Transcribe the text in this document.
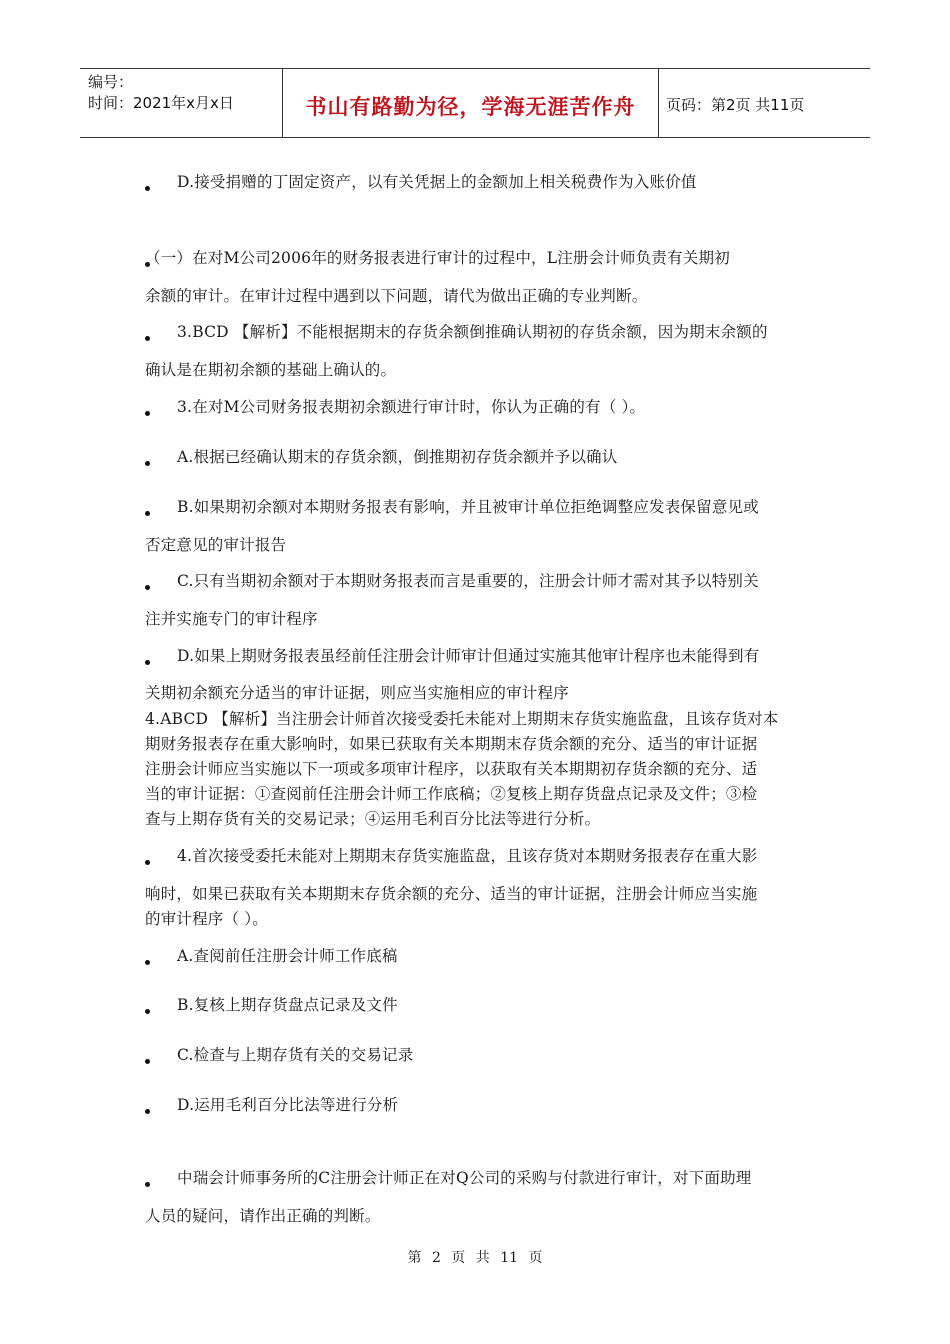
编号：
时间：2021年x月x日	书山有路勤为径，学海无涯苦作舟	页码：第2页 共11页
D.接受捐赠的丁固定资产，以有关凭据上的金额加上相关税费作为入账价值
（一）在对M公司2006年的财务报表进行审计的过程中，L注册会计师负责有关期初
余额的审计。在审计过程中遇到以下问题，请代为做出正确的专业判断。
3.BCD 【解析】不能根据期末的存货余额倒推确认期初的存货余额，因为期末余额的
确认是在期初余额的基础上确认的。
3.在对M公司财务报表期初余额进行审计时，你认为正确的有（ ）。
A.根据已经确认期末的存货余额，倒推期初存货余额并予以确认
B.如果期初余额对本期财务报表有影响，并且被审计单位拒绝调整应发表保留意见或
否定意见的审计报告
C.只有当期初余额对于本期财务报表而言是重要的，注册会计师才需对其予以特别关
注并实施专门的审计程序
D.如果上期财务报表虽经前任注册会计师审计但通过实施其他审计程序也未能得到有
关期初余额充分适当的审计证据，则应当实施相应的审计程序
4.ABCD 【解析】当注册会计师首次接受委托未能对上期期末存货实施监盘，且该存货对本
期财务报表存在重大影响时，如果已获取有关本期期末存货余额的充分、适当的审计证据
注册会计师应当实施以下一项或多项审计程序，以获取有关本期期初存货余额的充分、适
当的审计证据：①查阅前任注册会计师工作底稿；②复核上期存货盘点记录及文件；③检
查与上期存货有关的交易记录；④运用毛利百分比法等进行分析。
4.首次接受委托未能对上期期末存货实施监盘，且该存货对本期财务报表存在重大影
响时，如果已获取有关本期期末存货余额的充分、适当的审计证据，注册会计师应当实施
的审计程序（ ）。
A.查阅前任注册会计师工作底稿
B.复核上期存货盘点记录及文件
C.检查与上期存货有关的交易记录
D.运用毛利百分比法等进行分析
中瑞会计师事务所的C注册会计师正在对Q公司的采购与付款进行审计，对下面助理
人员的疑问，请作出正确的判断。
第 2 页 共 11 页
